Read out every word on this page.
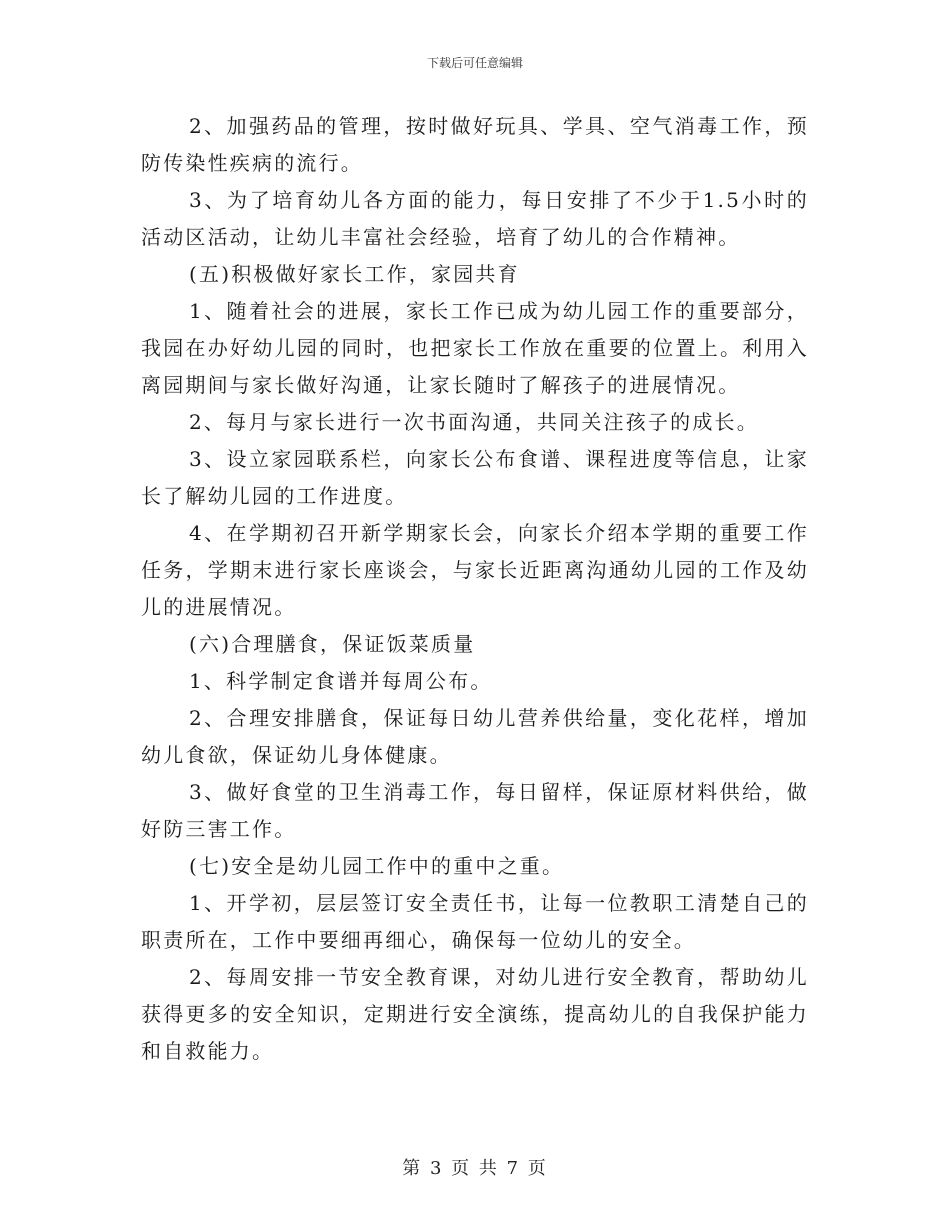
下载后可任意编辑

2、加强药品的管理，按时做好玩具、学具、空气消毒工作，预防传染性疾病的流行。

3、为了培育幼儿各方面的能力，每日安排了不少于1.5小时的活动区活动，让幼儿丰富社会经验，培育了幼儿的合作精神。

(五)积极做好家长工作，家园共育

1、随着社会的进展，家长工作已成为幼儿园工作的重要部分，我园在办好幼儿园的同时，也把家长工作放在重要的位置上。利用入离园期间与家长做好沟通，让家长随时了解孩子的进展情况。

2、每月与家长进行一次书面沟通，共同关注孩子的成长。

3、设立家园联系栏，向家长公布食谱、课程进度等信息，让家长了解幼儿园的工作进度。

4、在学期初召开新学期家长会，向家长介绍本学期的重要工作任务，学期末进行家长座谈会，与家长近距离沟通幼儿园的工作及幼儿的进展情况。

(六)合理膳食，保证饭菜质量

1、科学制定食谱并每周公布。

2、合理安排膳食，保证每日幼儿营养供给量，变化花样，增加幼儿食欲，保证幼儿身体健康。

3、做好食堂的卫生消毒工作，每日留样，保证原材料供给，做好防三害工作。

(七)安全是幼儿园工作中的重中之重。

1、开学初，层层签订安全责任书，让每一位教职工清楚自己的职责所在，工作中要细再细心，确保每一位幼儿的安全。

2、每周安排一节安全教育课，对幼儿进行安全教育，帮助幼儿获得更多的安全知识，定期进行安全演练，提高幼儿的自我保护能力和自救能力。

第 3 页 共 7 页
